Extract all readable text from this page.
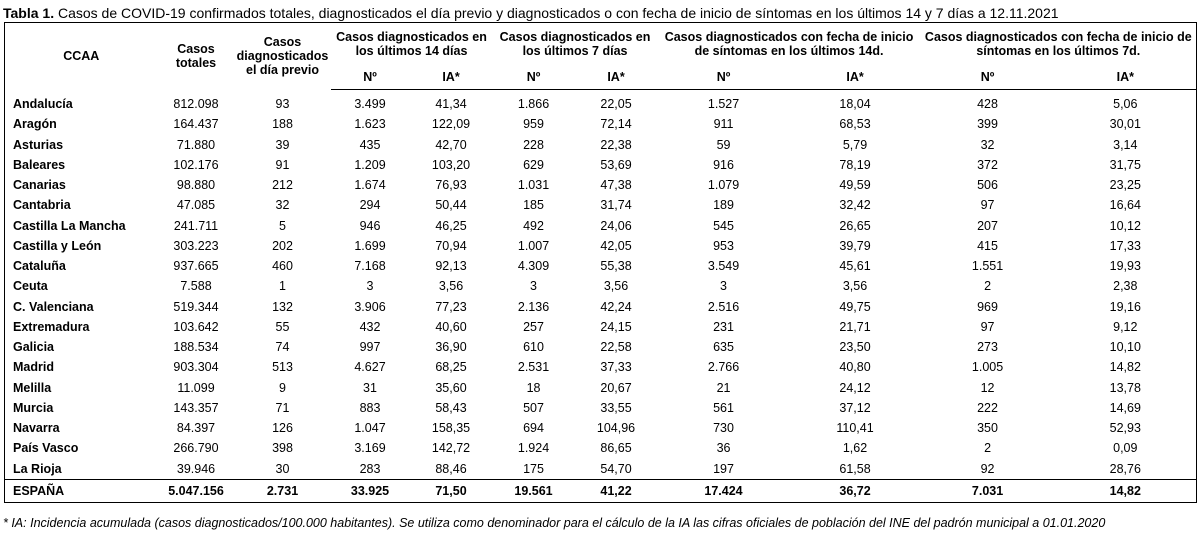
Tabla 1. Casos de COVID-19 confirmados totales, diagnosticados el día previo y diagnosticados o con fecha de inicio de síntomas en los últimos 14 y 7 días a 12.11.2021
CCAA	Casos totales	Casos diagnosticados el día previo	Casos diagnosticados en los últimos 14 días		Casos diagnosticados en los últimos 7 días		Casos diagnosticados con fecha de inicio de síntomas en los últimos 14d.		Casos diagnosticados con fecha de inicio de síntomas en los últimos 7d.	
			Nº	IA*	Nº	IA*	Nº	IA*	Nº	IA*
Andalucía	812.098	93	3.499	41,34	1.866	22,05	1.527	18,04	428	5,06
Aragón	164.437	188	1.623	122,09	959	72,14	911	68,53	399	30,01
Asturias	71.880	39	435	42,70	228	22,38	59	5,79	32	3,14
Baleares	102.176	91	1.209	103,20	629	53,69	916	78,19	372	31,75
Canarias	98.880	212	1.674	76,93	1.031	47,38	1.079	49,59	506	23,25
Cantabria	47.085	32	294	50,44	185	31,74	189	32,42	97	16,64
Castilla La Mancha	241.711	5	946	46,25	492	24,06	545	26,65	207	10,12
Castilla y León	303.223	202	1.699	70,94	1.007	42,05	953	39,79	415	17,33
Cataluña	937.665	460	7.168	92,13	4.309	55,38	3.549	45,61	1.551	19,93
Ceuta	7.588	1	3	3,56	3	3,56	3	3,56	2	2,38
C. Valenciana	519.344	132	3.906	77,23	2.136	42,24	2.516	49,75	969	19,16
Extremadura	103.642	55	432	40,60	257	24,15	231	21,71	97	9,12
Galicia	188.534	74	997	36,90	610	22,58	635	23,50	273	10,10
Madrid	903.304	513	4.627	68,25	2.531	37,33	2.766	40,80	1.005	14,82
Melilla	11.099	9	31	35,60	18	20,67	21	24,12	12	13,78
Murcia	143.357	71	883	58,43	507	33,55	561	37,12	222	14,69
Navarra	84.397	126	1.047	158,35	694	104,96	730	110,41	350	52,93
País Vasco	266.790	398	3.169	142,72	1.924	86,65	36	1,62	2	0,09
La Rioja	39.946	30	283	88,46	175	54,70	197	61,58	92	28,76
ESPAÑA	5.047.156	2.731	33.925	71,50	19.561	41,22	17.424	36,72	7.031	14,82
* IA: Incidencia acumulada (casos diagnosticados/100.000 habitantes). Se utiliza como denominador para el cálculo de la IA las cifras oficiales de población del INE del padrón municipal a 01.01.2020
